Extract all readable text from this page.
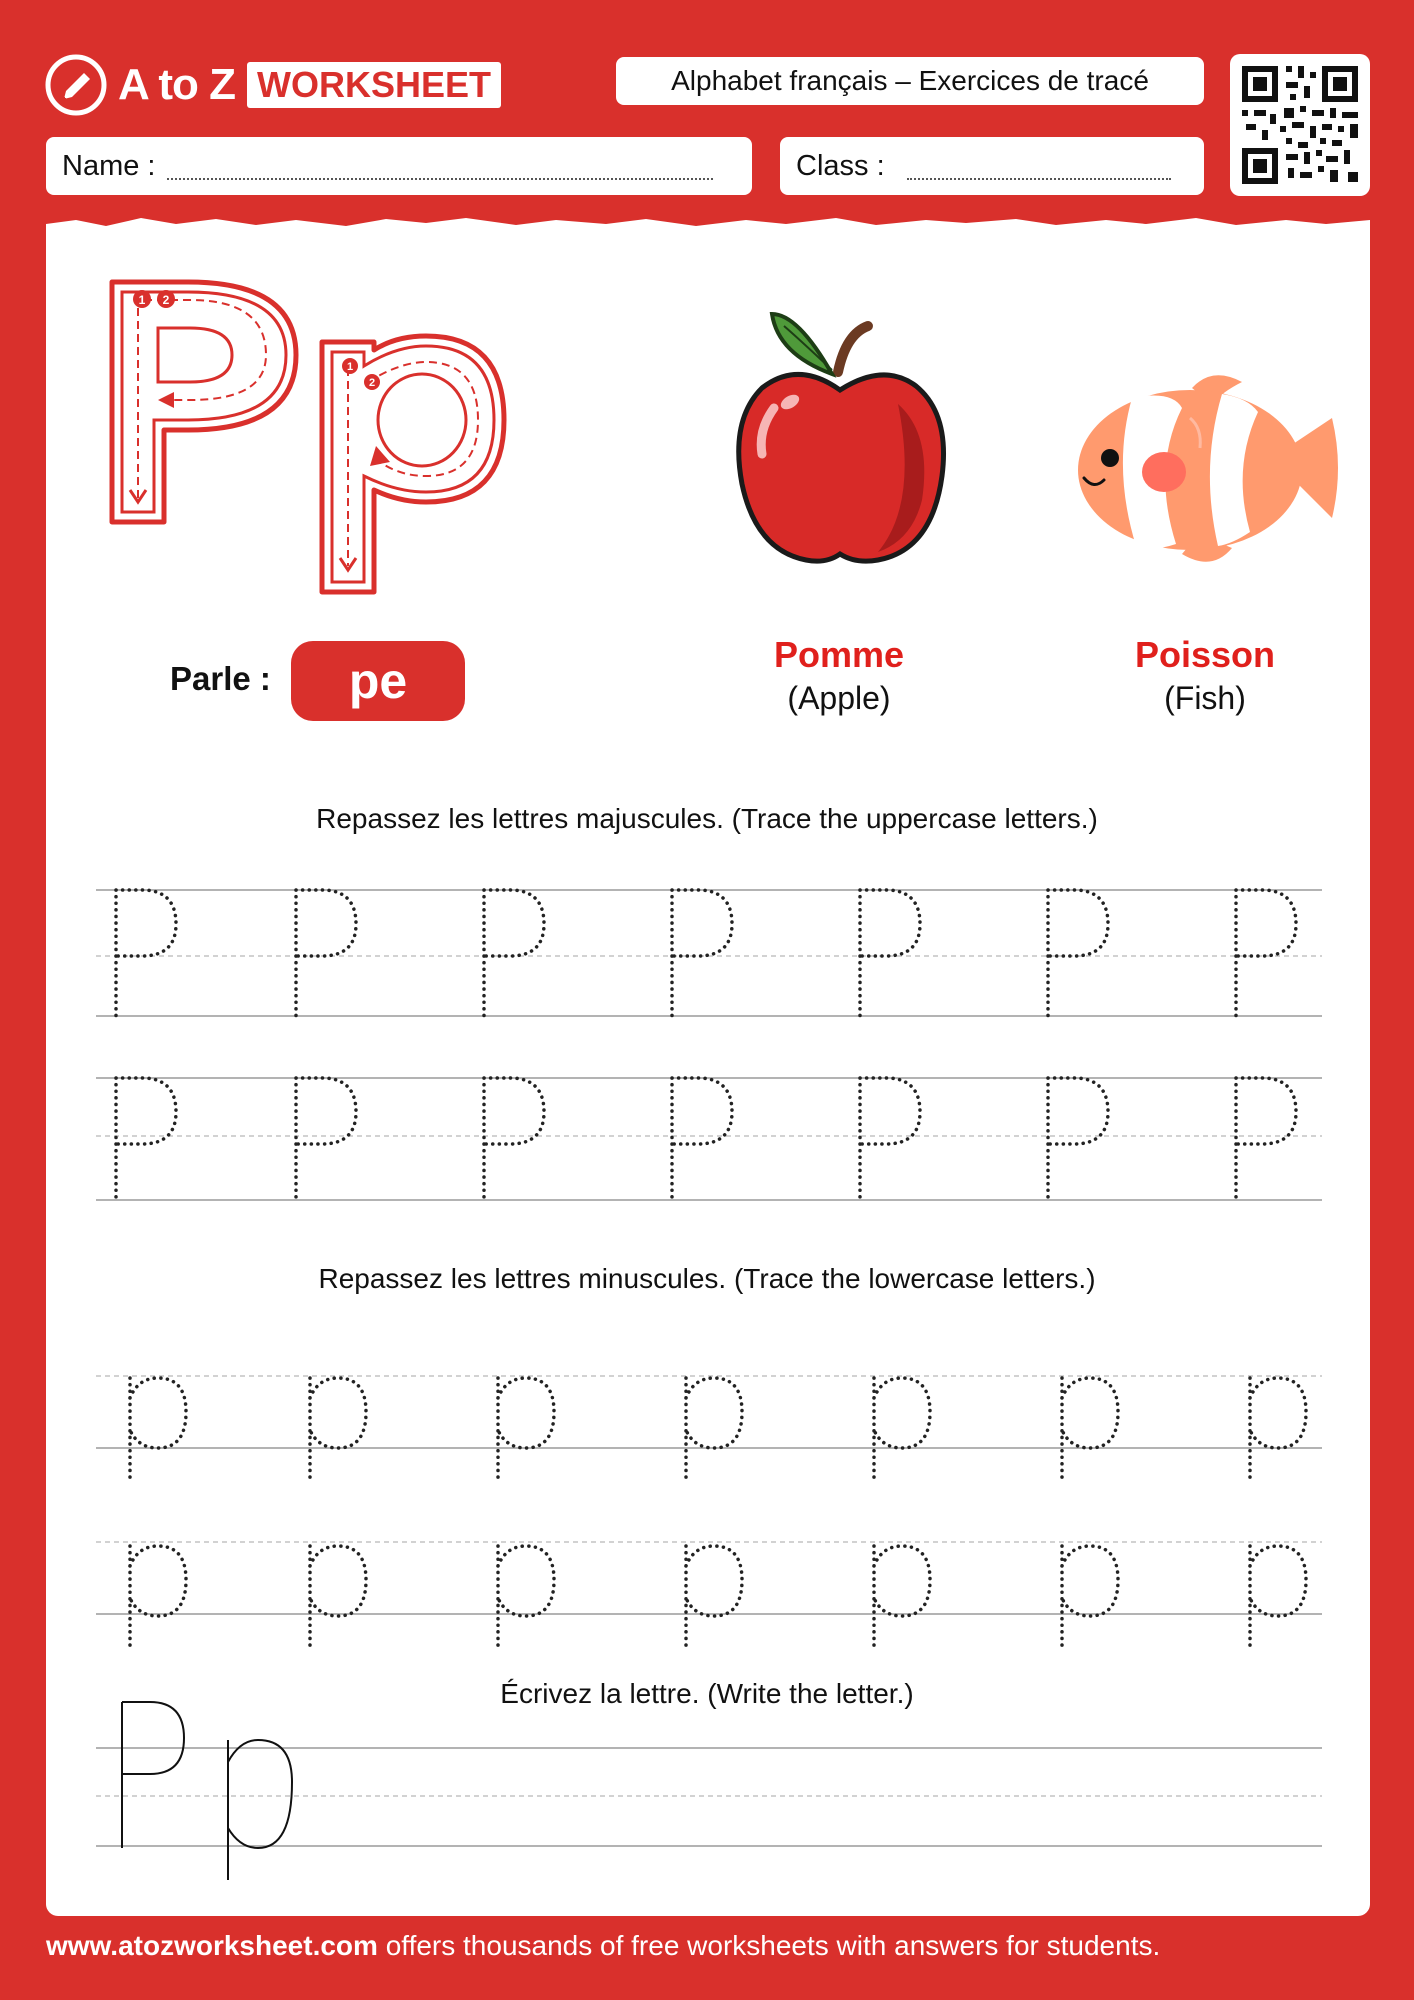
A to Z WORKSHEET	Alphabet français – Exercices de tracé
Name :	Class :
1 2
1
2
Parle :	pe	Pomme
(Apple)
Poisson
(Fish)
Repassez les lettres majuscules. (Trace the uppercase letters.)
Repassez les lettres minuscules. (Trace the lowercase letters.)
Écrivez la lettre. (Write the letter.)
www.atozworksheet.com offers thousands of free worksheets with answers for students.
